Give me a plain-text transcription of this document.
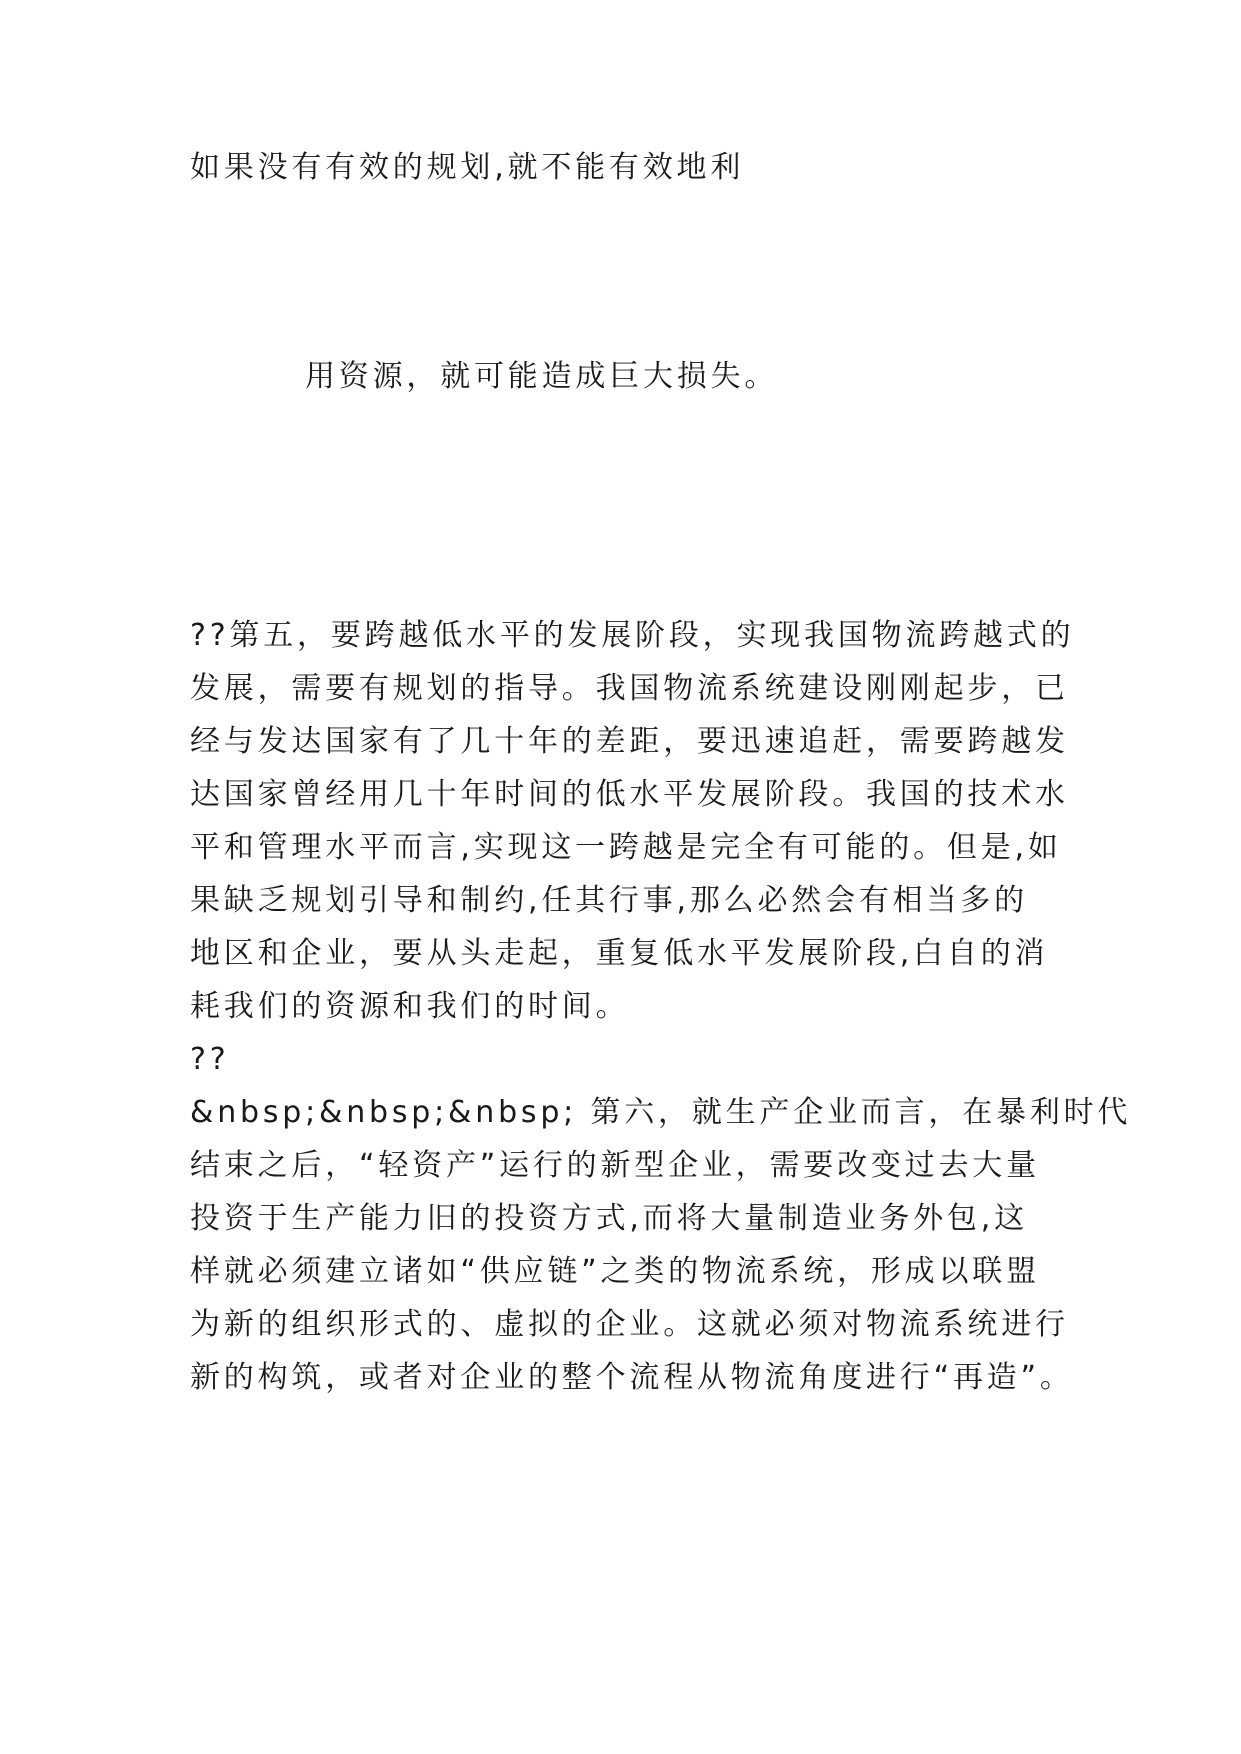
如果没有有效的规划,就不能有效地利

用资源，就可能造成巨大损失。

??第五，要跨越低水平的发展阶段，实现我国物流跨越式的

发展，需要有规划的指导。我国物流系统建设刚刚起步，已

经与发达国家有了几十年的差距，要迅速追赶，需要跨越发

达国家曾经用几十年时间的低水平发展阶段。我国的技术水

平和管理水平而言,实现这一跨越是完全有可能的。但是,如

果缺乏规划引导和制约,任其行事,那么必然会有相当多的

地区和企业，要从头走起，重复低水平发展阶段,白自的消

耗我们的资源和我们的时间。

??

&nbsp;&nbsp;&nbsp; 第六，就生产企业而言，在暴利时代

结束之后，“轻资产”运行的新型企业，需要改变过去大量

投资于生产能力旧的投资方式,而将大量制造业务外包,这

样就必须建立诸如“供应链”之类的物流系统，形成以联盟

为新的组织形式的、虚拟的企业。这就必须对物流系统进行

新的构筑，或者对企业的整个流程从物流角度进行“再造”。
